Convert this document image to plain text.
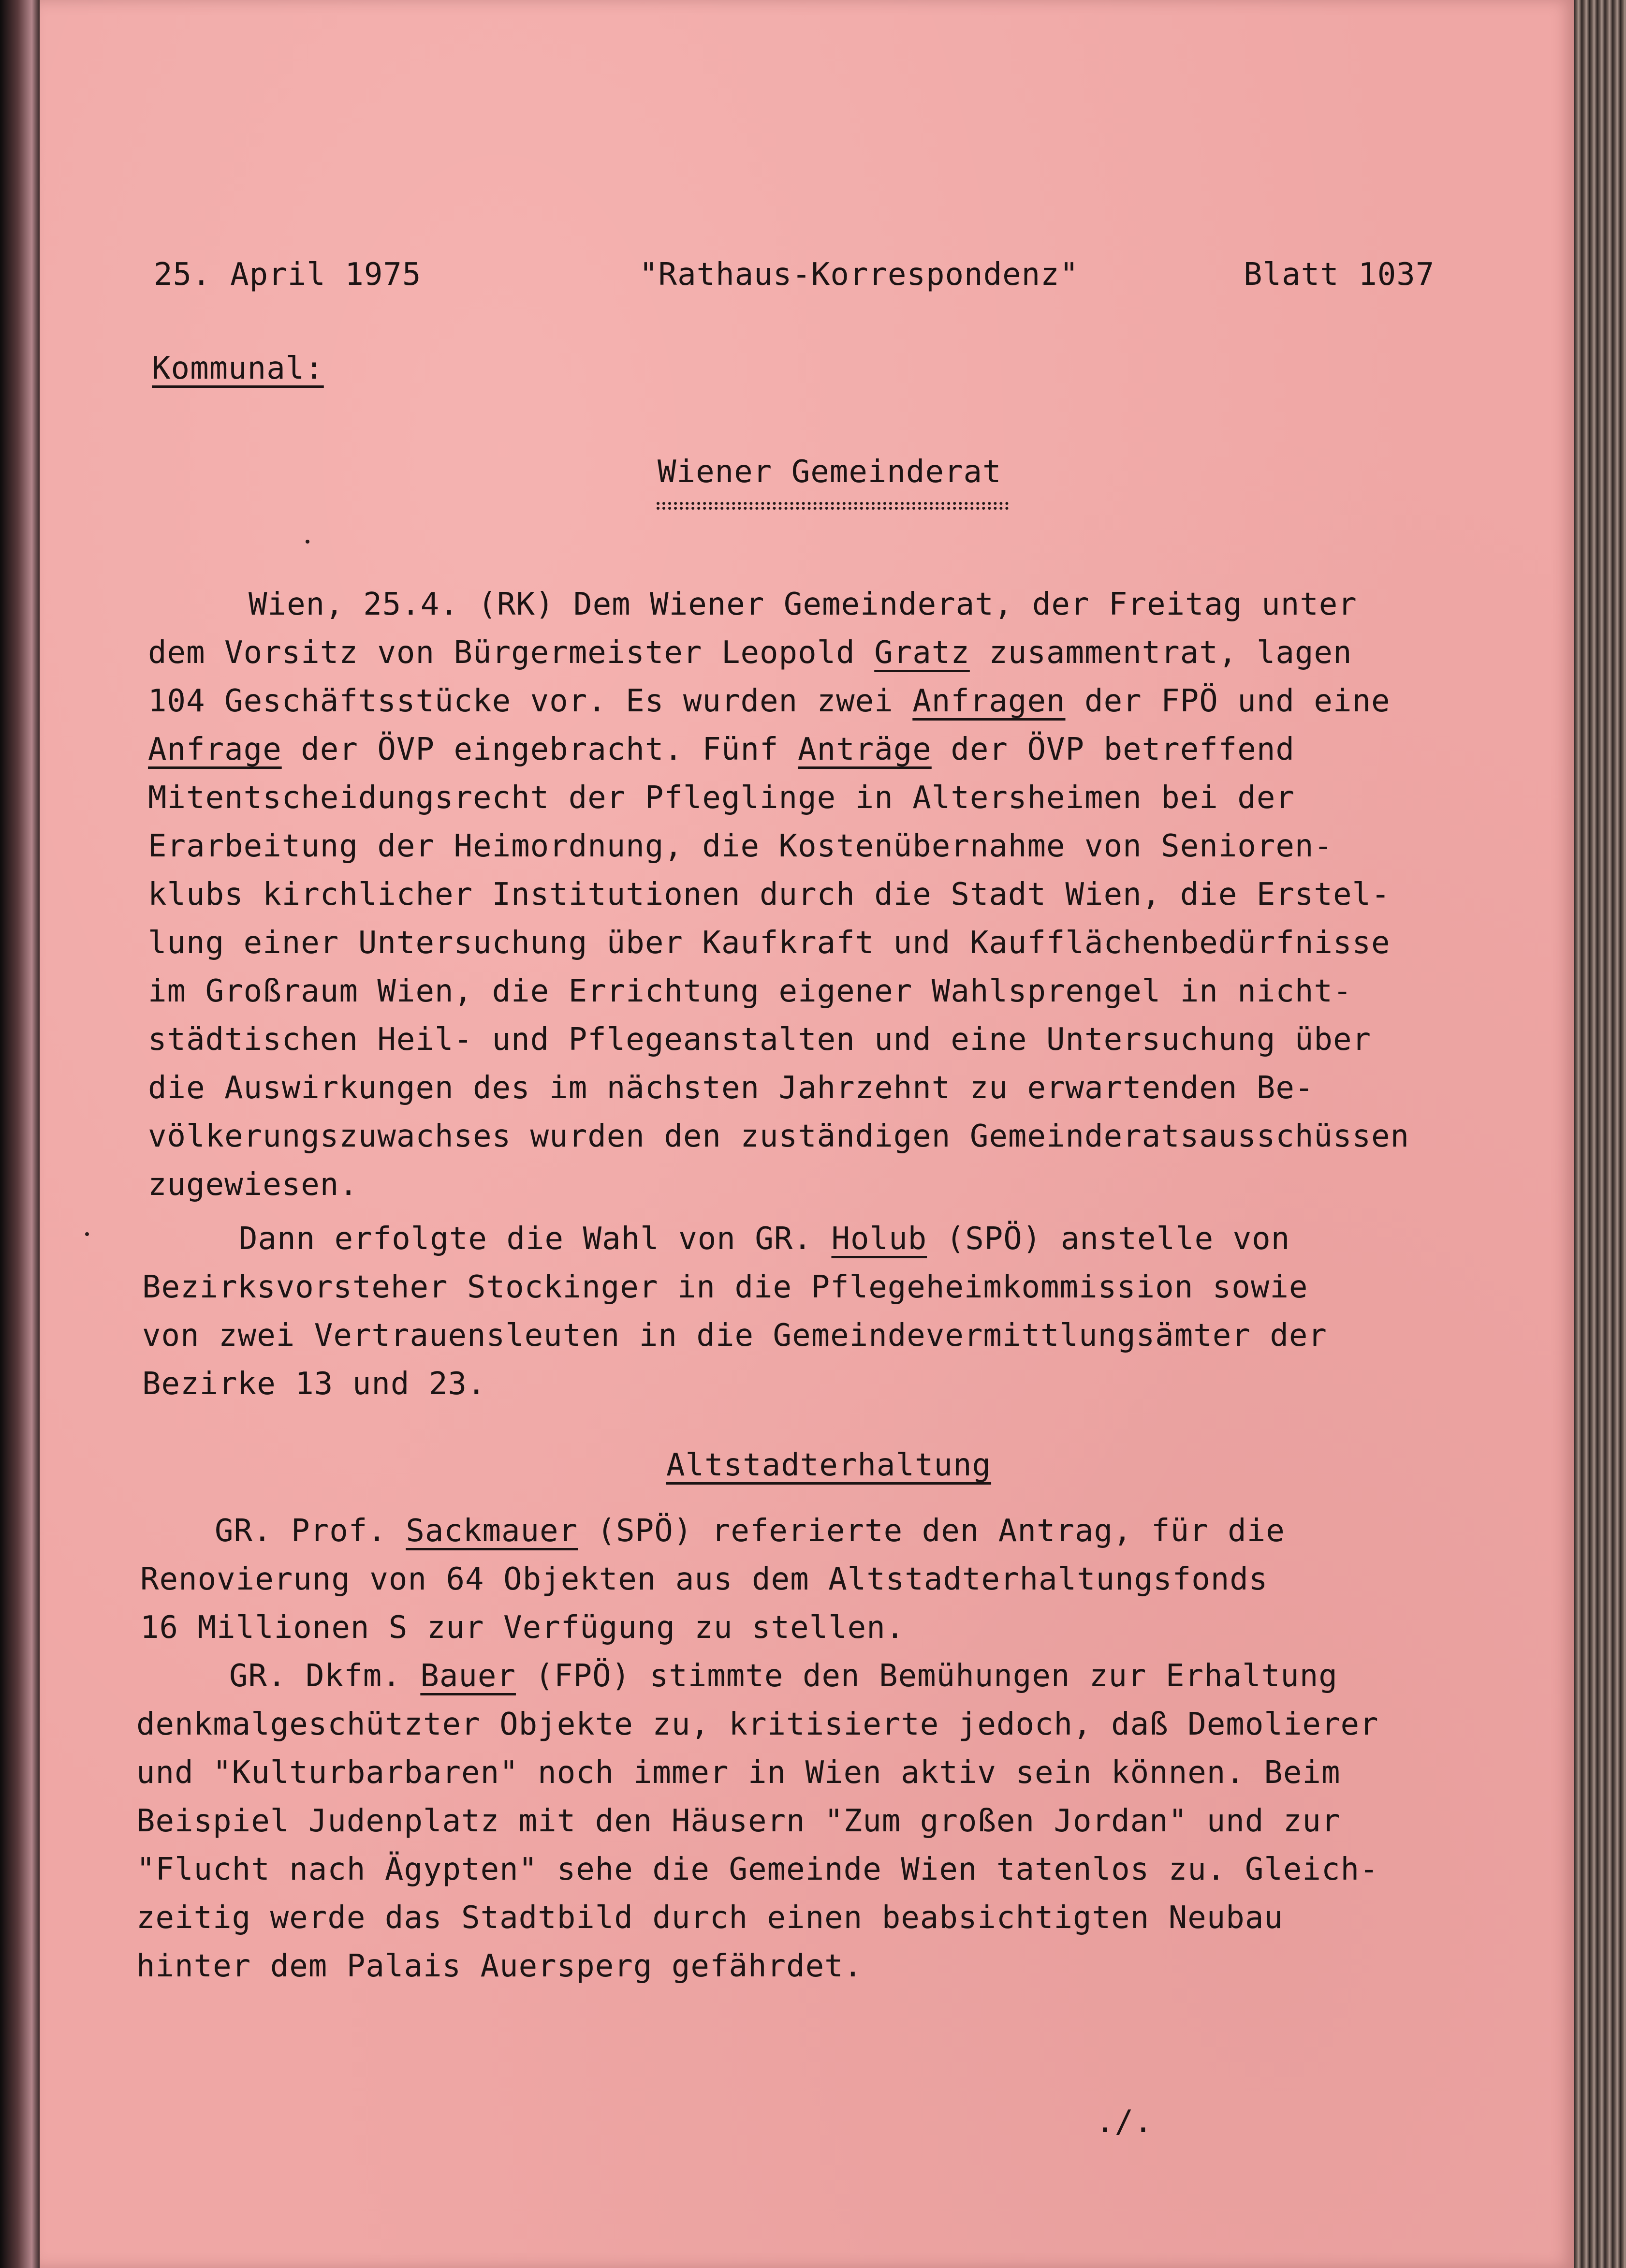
25. April 1975	"Rathaus-Korrespondenz"	Blatt 1037
Kommunal:
Wiener Gemeinderat
Wien, 25.4. (RK) Dem Wiener Gemeinderat, der Freitag unter
dem Vorsitz von Bürgermeister Leopold Gratz zusammentrat, lagen
104 Geschäftsstücke vor. Es wurden zwei Anfragen der FPÖ und eine
Anfrage der ÖVP eingebracht. Fünf Anträge der ÖVP betreffend
Mitentscheidungsrecht der Pfleglinge in Altersheimen bei der
Erarbeitung der Heimordnung, die Kostenübernahme von Senioren-
klubs kirchlicher Institutionen durch die Stadt Wien, die Erstel-
lung einer Untersuchung über Kaufkraft und Kaufflächenbedürfnisse
im Großraum Wien, die Errichtung eigener Wahlsprengel in nicht-
städtischen Heil- und Pflegeanstalten und eine Untersuchung über
die Auswirkungen des im nächsten Jahrzehnt zu erwartenden Be-
völkerungszuwachses wurden den zuständigen Gemeinderatsausschüssen
zugewiesen.
Dann erfolgte die Wahl von GR. Holub (SPÖ) anstelle von
Bezirksvorsteher Stockinger in die Pflegeheimkommission sowie
von zwei Vertrauensleuten in die Gemeindevermittlungsämter der
Bezirke 13 und 23.
Altstadterhaltung
GR. Prof. Sackmauer (SPÖ) referierte den Antrag, für die
Renovierung von 64 Objekten aus dem Altstadterhaltungsfonds
16 Millionen S zur Verfügung zu stellen.
GR. Dkfm. Bauer (FPÖ) stimmte den Bemühungen zur Erhaltung
denkmalgeschützter Objekte zu, kritisierte jedoch, daß Demolierer
und "Kulturbarbaren" noch immer in Wien aktiv sein können. Beim
Beispiel Judenplatz mit den Häusern "Zum großen Jordan" und zur
"Flucht nach Ägypten" sehe die Gemeinde Wien tatenlos zu. Gleich-
zeitig werde das Stadtbild durch einen beabsichtigten Neubau
hinter dem Palais Auersperg gefährdet.
./.
